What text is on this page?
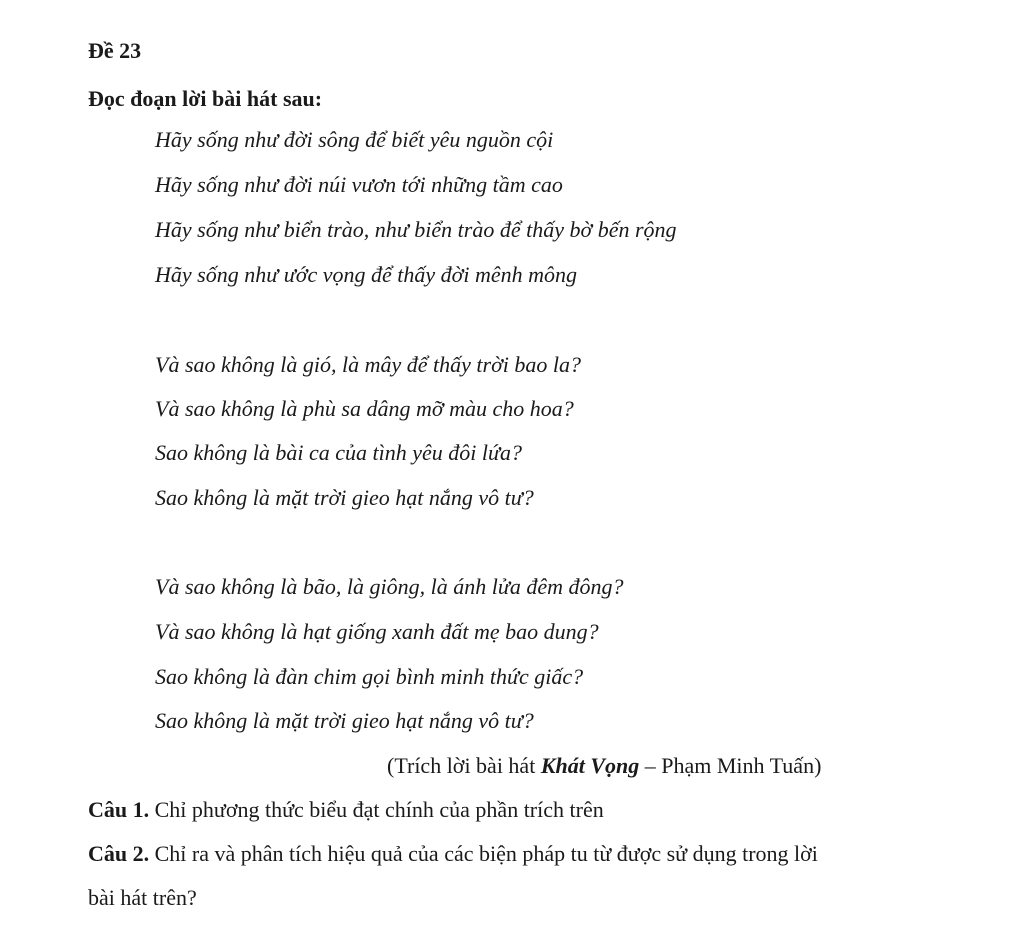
Đề 23
Đọc đoạn lời bài hát sau:
Hãy sống như đời sông để biết yêu nguồn cội
Hãy sống như đời núi vươn tới những tầm cao
Hãy sống như biển trào, như biển trào để thấy bờ bến rộng
Hãy sống như ước vọng để thấy đời mênh mông
Và sao không là gió, là mây để thấy trời bao la?
Và sao không là phù sa dâng mỡ màu cho hoa?
Sao không là bài ca của tình yêu đôi lứa?
Sao không là mặt trời gieo hạt nắng vô tư?
Và sao không là bão, là giông, là ánh lửa đêm đông?
Và sao không là hạt giống xanh đất mẹ bao dung?
Sao không là đàn chim gọi bình minh thức giấc?
Sao không là mặt trời gieo hạt nắng vô tư?
(Trích lời bài hát Khát Vọng – Phạm Minh Tuấn)
Câu 1. Chỉ phương thức biểu đạt chính của phần trích trên
Câu 2. Chỉ ra và phân tích hiệu quả của các biện pháp tu từ được sử dụng trong lời
bài hát trên?
